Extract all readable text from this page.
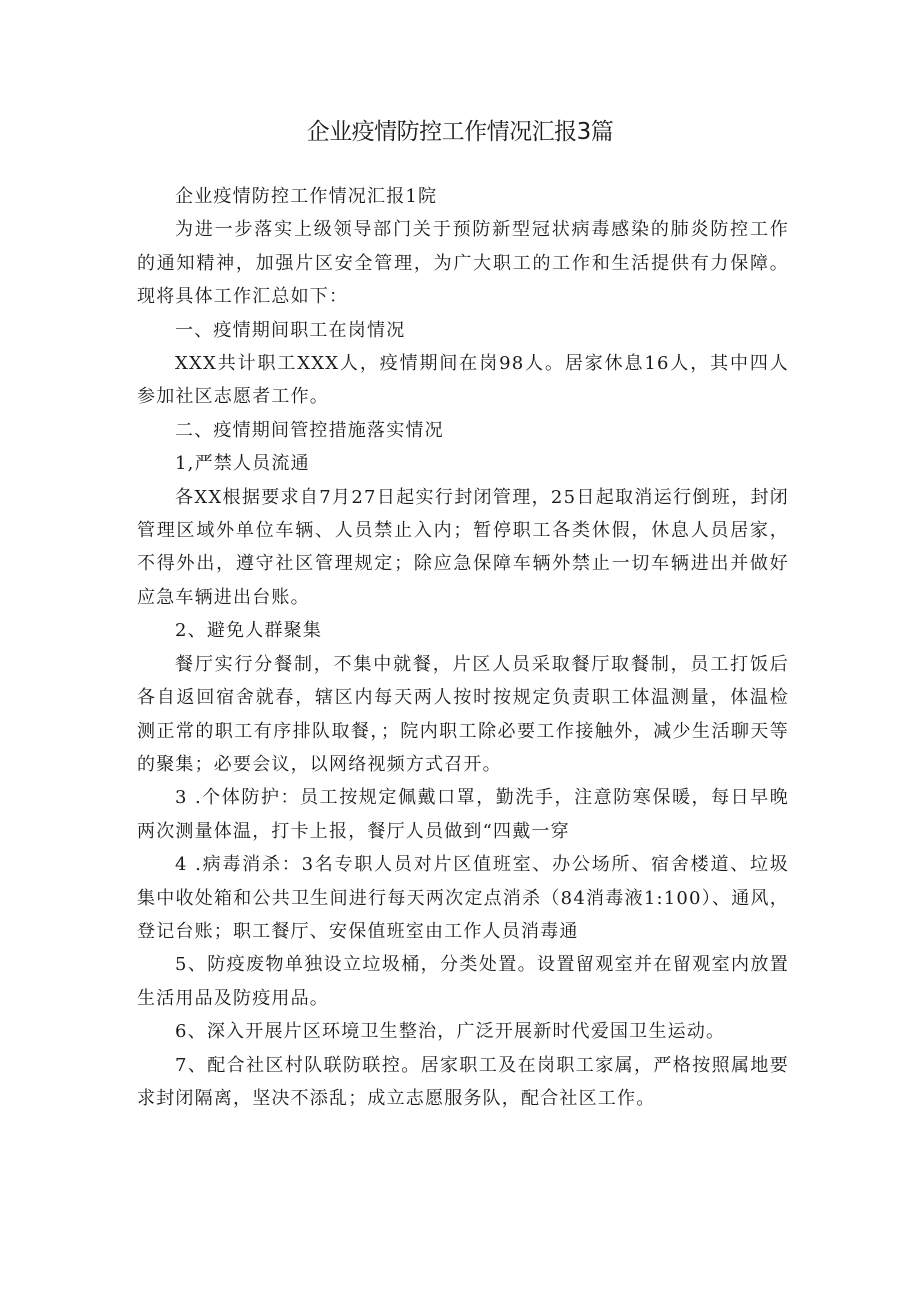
企业疫情防控工作情况汇报3篇

企业疫情防控工作情况汇报1院

为进一步落实上级领导部门关于预防新型冠状病毒感染的肺炎防控工作的通知精神，加强片区安全管理，为广大职工的工作和生活提供有力保障。现将具体工作汇总如下：

一、疫情期间职工在岗情况

XXX共计职工XXX人，疫情期间在岗98人。居家休息16人，其中四人参加社区志愿者工作。

二、疫情期间管控措施落实情况

1,严禁人员流通

各XX根据要求自7月27日起实行封闭管理，25日起取消运行倒班，封闭管理区域外单位车辆、人员禁止入内；暂停职工各类休假，休息人员居家，不得外出，遵守社区管理规定；除应急保障车辆外禁止一切车辆进出并做好应急车辆进出台账。

2、避免人群聚集

餐厅实行分餐制，不集中就餐，片区人员采取餐厅取餐制，员工打饭后各自返回宿舍就春，辖区内每天两人按时按规定负责职工体温测量，体温检测正常的职工有序排队取餐，；院内职工除必要工作接触外，减少生活聊天等的聚集；必要会议，以网络视频方式召开。

3 .个体防护：员工按规定佩戴口罩，勤洗手，注意防寒保暖，每日早晚两次测量体温，打卡上报，餐厅人员做到“四戴一穿

4 .病毒消杀：3名专职人员对片区值班室、办公场所、宿舍楼道、垃圾集中收处箱和公共卫生间进行每天两次定点消杀（84消毒液1:100）、通风，登记台账；职工餐厅、安保值班室由工作人员消毒通

5、防疫废物单独设立垃圾桶，分类处置。设置留观室并在留观室内放置生活用品及防疫用品。

6、深入开展片区环境卫生整治，广泛开展新时代爱国卫生运动。

7、配合社区村队联防联控。居家职工及在岗职工家属，严格按照属地要求封闭隔离，坚决不添乱；成立志愿服务队，配合社区工作。
